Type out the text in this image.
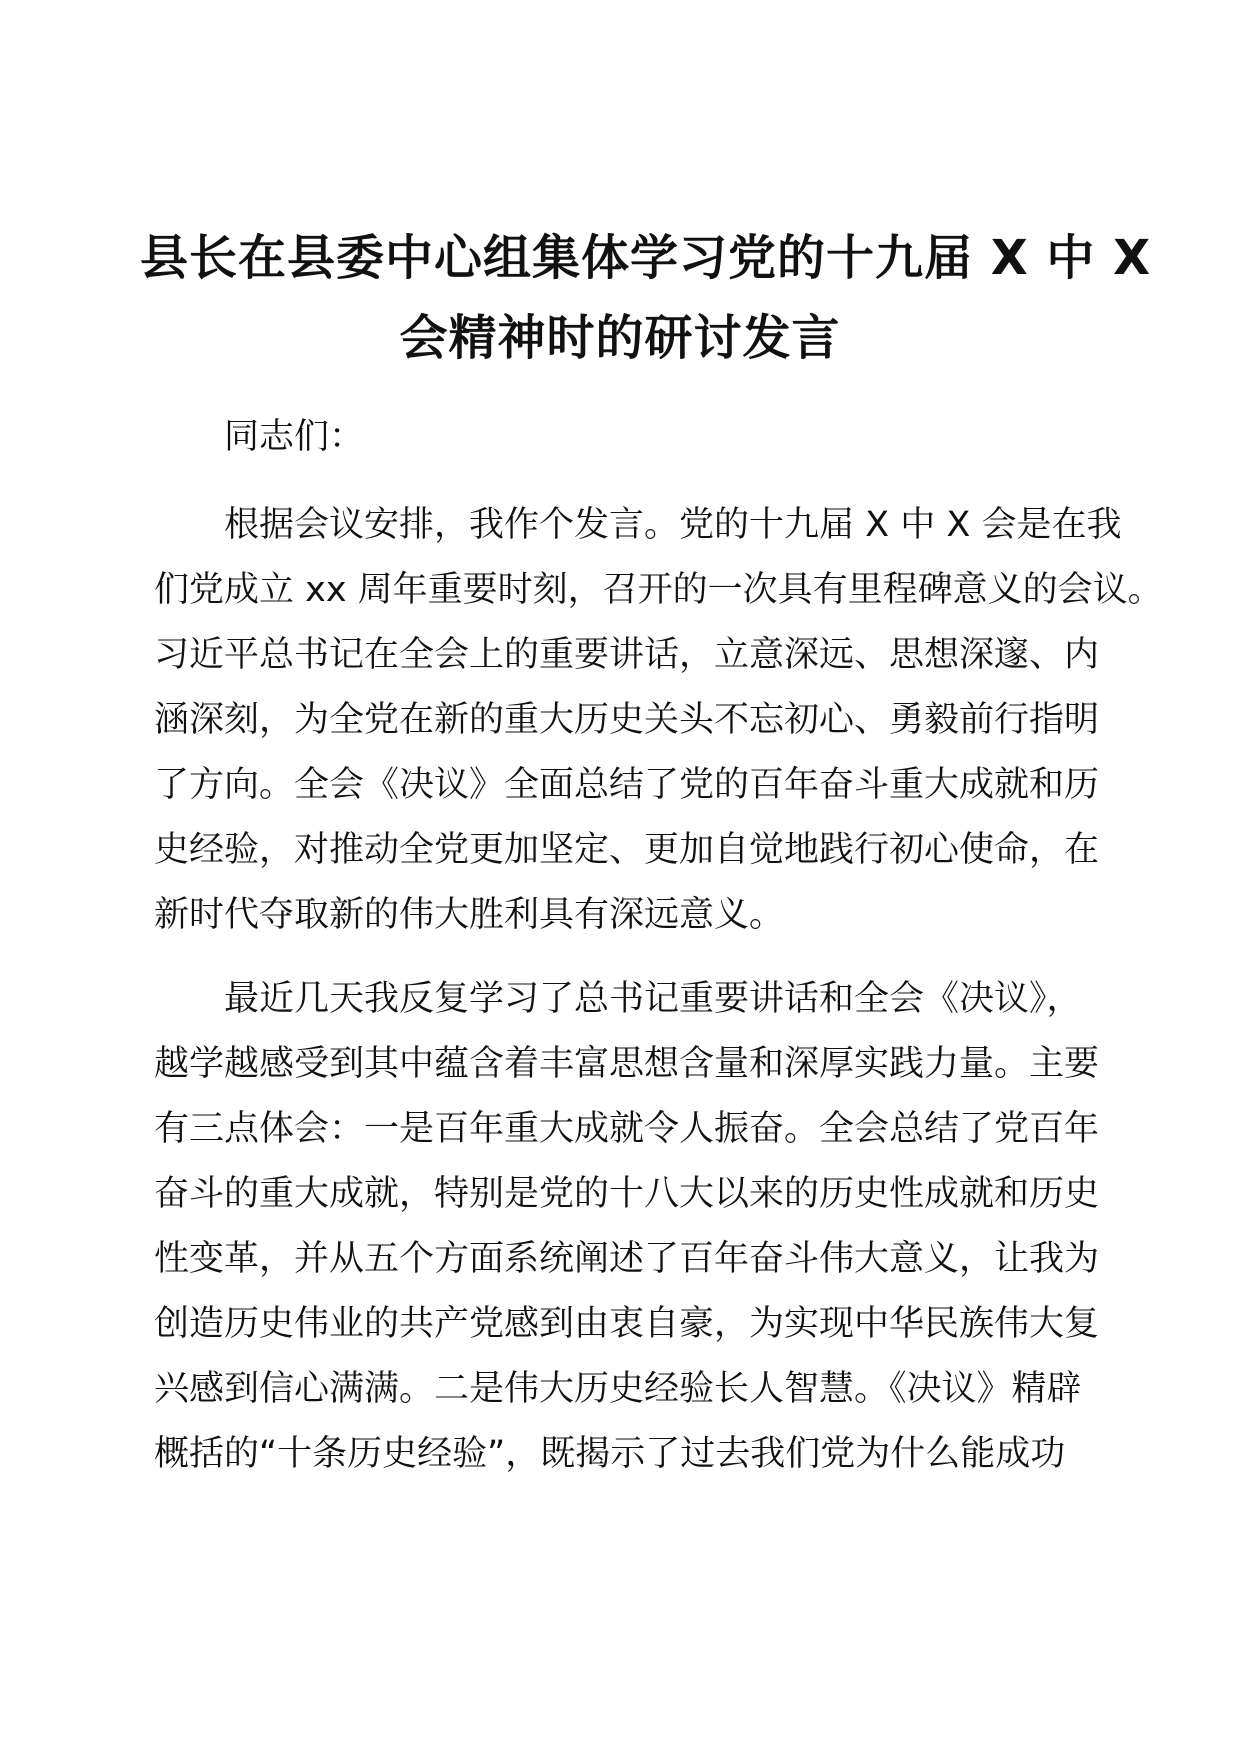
县长在县委中心组集体学习党的十九届 X 中 X
会精神时的研讨发言

同志们：

根据会议安排，我作个发言。党的十九届 X 中 X 会是在我
们党成立 xx 周年重要时刻，召开的一次具有里程碑意义的会议。
习近平总书记在全会上的重要讲话，立意深远、思想深邃、内
涵深刻，为全党在新的重大历史关头不忘初心、勇毅前行指明
了方向。全会《决议》全面总结了党的百年奋斗重大成就和历
史经验，对推动全党更加坚定、更加自觉地践行初心使命，在
新时代夺取新的伟大胜利具有深远意义。

最近几天我反复学习了总书记重要讲话和全会《决议》，
越学越感受到其中蕴含着丰富思想含量和深厚实践力量。主要
有三点体会：一是百年重大成就令人振奋。全会总结了党百年
奋斗的重大成就，特别是党的十八大以来的历史性成就和历史
性变革，并从五个方面系统阐述了百年奋斗伟大意义，让我为
创造历史伟业的共产党感到由衷自豪，为实现中华民族伟大复
兴感到信心满满。二是伟大历史经验长人智慧。《决议》精辟
概括的“十条历史经验”，既揭示了过去我们党为什么能成功
